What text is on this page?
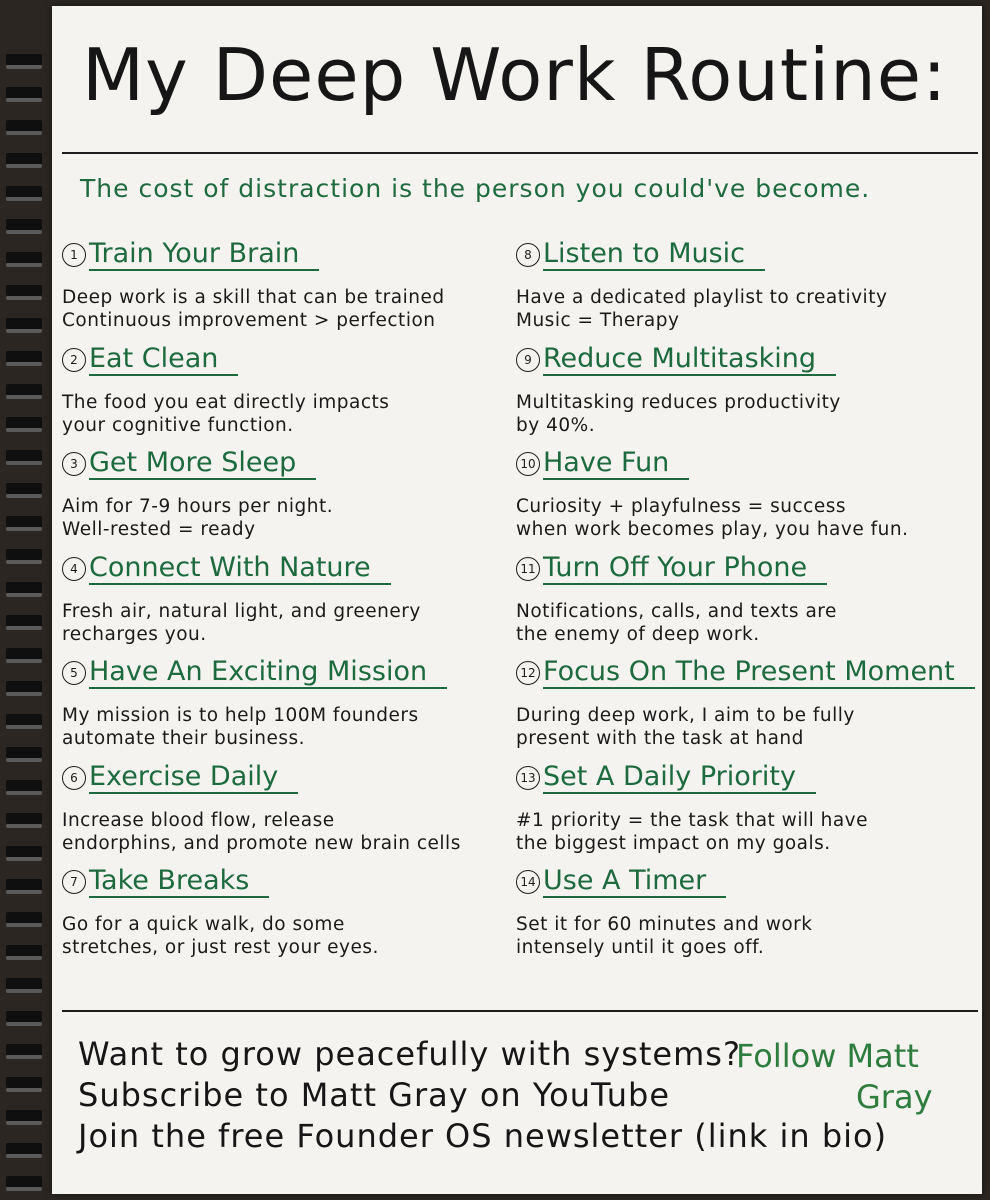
My Deep Work Routine:
The cost of distraction is the person you could've become.
1 Train Your Brain
Deep work is a skill that can be trained
Continuous improvement > perfection
2 Eat Clean
The food you eat directly impacts
your cognitive function.
3 Get More Sleep
Aim for 7-9 hours per night.
Well-rested = ready
4 Connect With Nature
Fresh air, natural light, and greenery
recharges you.
5 Have An Exciting Mission
My mission is to help 100M founders
automate their business.
6 Exercise Daily
Increase blood flow, release
endorphins, and promote new brain cells
7 Take Breaks
Go for a quick walk, do some
stretches, or just rest your eyes.
8 Listen to Music
Have a dedicated playlist to creativity
Music = Therapy
9 Reduce Multitasking
Multitasking reduces productivity
by 40%.
10 Have Fun
Curiosity + playfulness = success
when work becomes play, you have fun.
11 Turn Off Your Phone
Notifications, calls, and texts are
the enemy of deep work.
12 Focus On The Present Moment
During deep work, I aim to be fully
present with the task at hand
13 Set A Daily Priority
#1 priority = the task that will have
the biggest impact on my goals.
14 Use A Timer
Set it for 60 minutes and work
intensely until it goes off.
Want to grow peacefully with systems?
Subscribe to Matt Gray on YouTube
Join the free Founder OS newsletter (link in bio)
Follow Matt
Gray
